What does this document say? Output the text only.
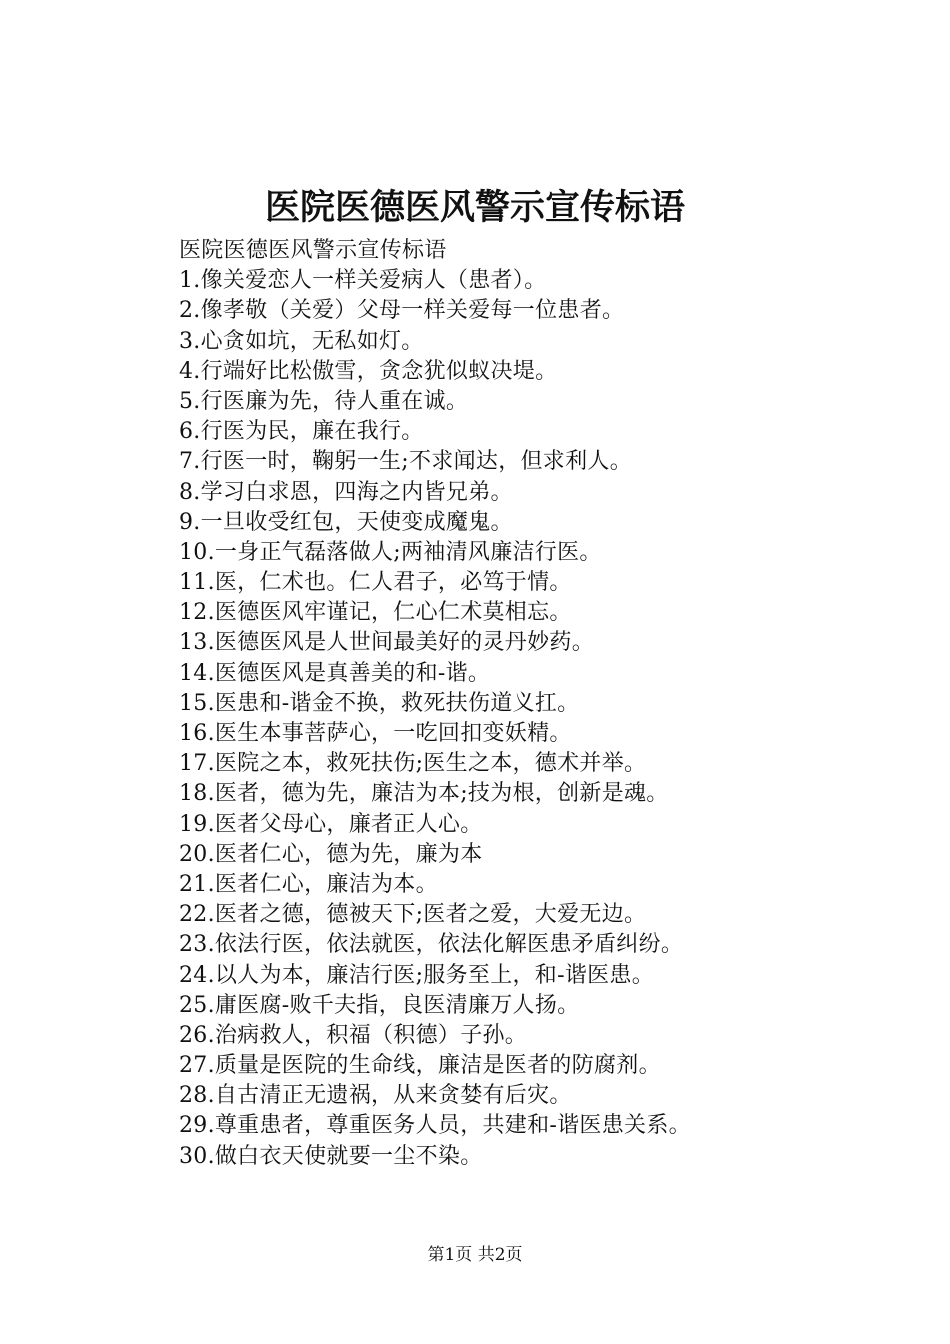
医院医德医风警示宣传标语
医院医德医风警示宣传标语
1.像关爱恋人一样关爱病人（患者）。
2.像孝敬（关爱）父母一样关爱每一位患者。
3.心贪如坑，无私如灯。
4.行端好比松傲雪，贪念犹似蚁决堤。
5.行医廉为先，待人重在诚。
6.行医为民，廉在我行。
7.行医一时，鞠躬一生;不求闻达，但求利人。
8.学习白求恩，四海之内皆兄弟。
9.一旦收受红包，天使变成魔鬼。
10.一身正气磊落做人;两袖清风廉洁行医。
11.医，仁术也。仁人君子，必笃于情。
12.医德医风牢谨记，仁心仁术莫相忘。
13.医德医风是人世间最美好的灵丹妙药。
14.医德医风是真善美的和-谐。
15.医患和-谐金不换，救死扶伤道义扛。
16.医生本事菩萨心，一吃回扣变妖精。
17.医院之本，救死扶伤;医生之本，德术并举。
18.医者，德为先，廉洁为本;技为根，创新是魂。
19.医者父母心，廉者正人心。
20.医者仁心，德为先，廉为本
21.医者仁心，廉洁为本。
22.医者之德，德被天下;医者之爱，大爱无边。
23.依法行医，依法就医，依法化解医患矛盾纠纷。
24.以人为本，廉洁行医;服务至上，和-谐医患。
25.庸医腐-败千夫指，良医清廉万人扬。
26.治病救人，积福（积德）子孙。
27.质量是医院的生命线，廉洁是医者的防腐剂。
28.自古清正无遗祸，从来贪婪有后灾。
29.尊重患者，尊重医务人员，共建和-谐医患关系。
30.做白衣天使就要一尘不染。
第1页 共2页
